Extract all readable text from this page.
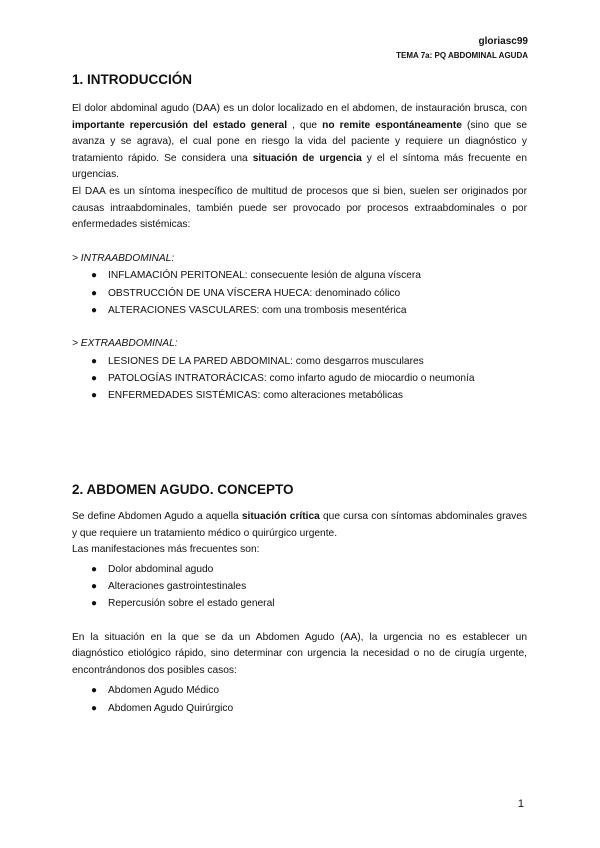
gloriasc99
TEMA 7a: PQ ABDOMINAL AGUDA
1. INTRODUCCIÓN

El dolor abdominal agudo (DAA) es un dolor localizado en el abdomen, de instauración brusca, con importante repercusión del estado general , que no remite espontáneamente (sino que se avanza y se agrava), el cual pone en riesgo la vida del paciente y requiere un diagnóstico y tratamiento rápido. Se considera una situación de urgencia y el el síntoma más frecuente en urgencias.

El DAA es un síntoma inespecífico de multitud de procesos que si bien, suelen ser originados por causas intraabdominales, también puede ser provocado por procesos extraabdominales o por enfermedades sistémicas:

> INTRAABDOMINAL:
● INFLAMACIÓN PERITONEAL: consecuente lesión de alguna víscera
● OBSTRUCCIÓN DE UNA VÍSCERA HUECA: denominado cólico
● ALTERACIONES VASCULARES: com una trombosis mesentérica
> EXTRAABDOMINAL:
● LESIONES DE LA PARED ABDOMINAL: como desgarros musculares
● PATOLOGÍAS INTRATORÁCICAS: como infarto agudo de miocardio o neumonía
● ENFERMEDADES SISTÉMICAS: como alteraciones metabólicas
2. ABDOMEN AGUDO. CONCEPTO

Se define Abdomen Agudo a aquella situación crítica que cursa con síntomas abdominales graves y que requiere un tratamiento médico o quirúrgico urgente.

Las manifestaciones más frecuentes son:

● Dolor abdominal agudo
● Alteraciones gastrointestinales
● Repercusión sobre el estado general

En la situación en la que se da un Abdomen Agudo (AA), la urgencia no es establecer un diagnóstico etiológico rápido, sino determinar con urgencia la necesidad o no de cirugía urgente, encontrándonos dos posibles casos:

● Abdomen Agudo Médico
● Abdomen Agudo Quirúrgico
1
